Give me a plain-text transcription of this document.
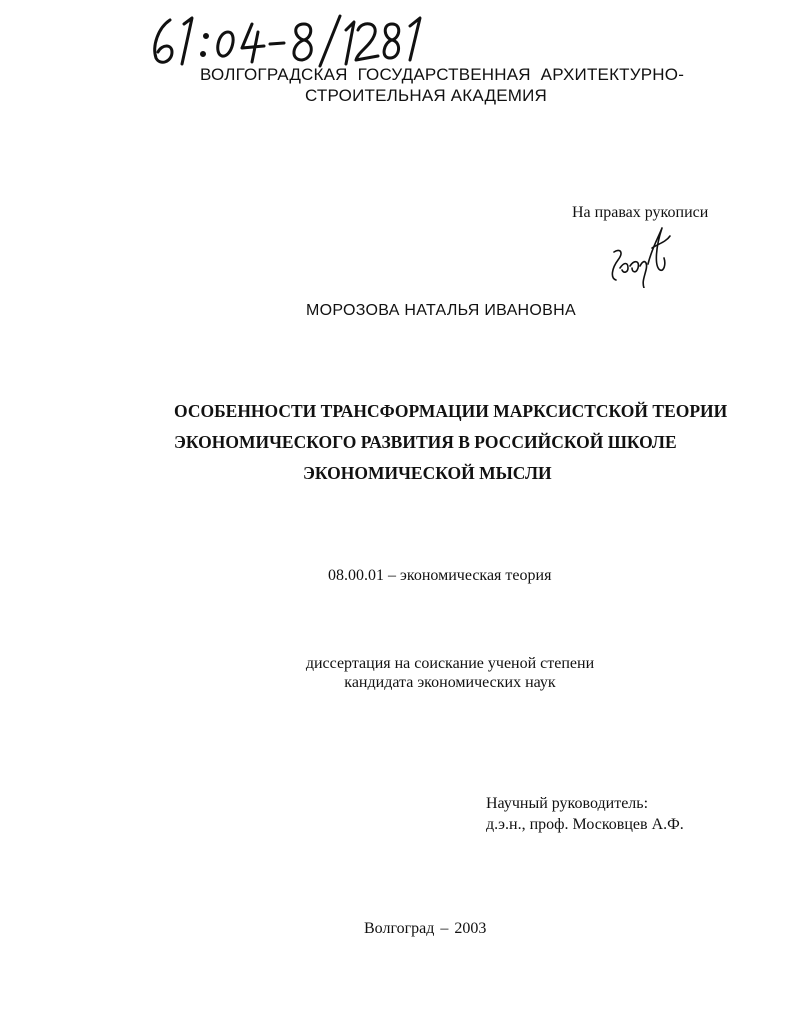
ВОЛГОГРАДСКАЯ ГОСУДАРСТВЕННАЯ АРХИТЕКТУРНО-
СТРОИТЕЛЬНАЯ АКАДЕМИЯ
На правах рукописи
МОРОЗОВА НАТАЛЬЯ ИВАНОВНА
ОСОБЕННОСТИ ТРАНСФОРМАЦИИ МАРКСИСТСКОЙ ТЕОРИИ
ЭКОНОМИЧЕСКОГО РАЗВИТИЯ В РОССИЙСКОЙ ШКОЛЕ
ЭКОНОМИЧЕСКОЙ МЫСЛИ
08.00.01 – экономическая теория
диссертация на соискание ученой степени
кандидата экономических наук
Научный руководитель:
д.э.н., проф. Московцев А.Ф.
Волгоград – 2003
